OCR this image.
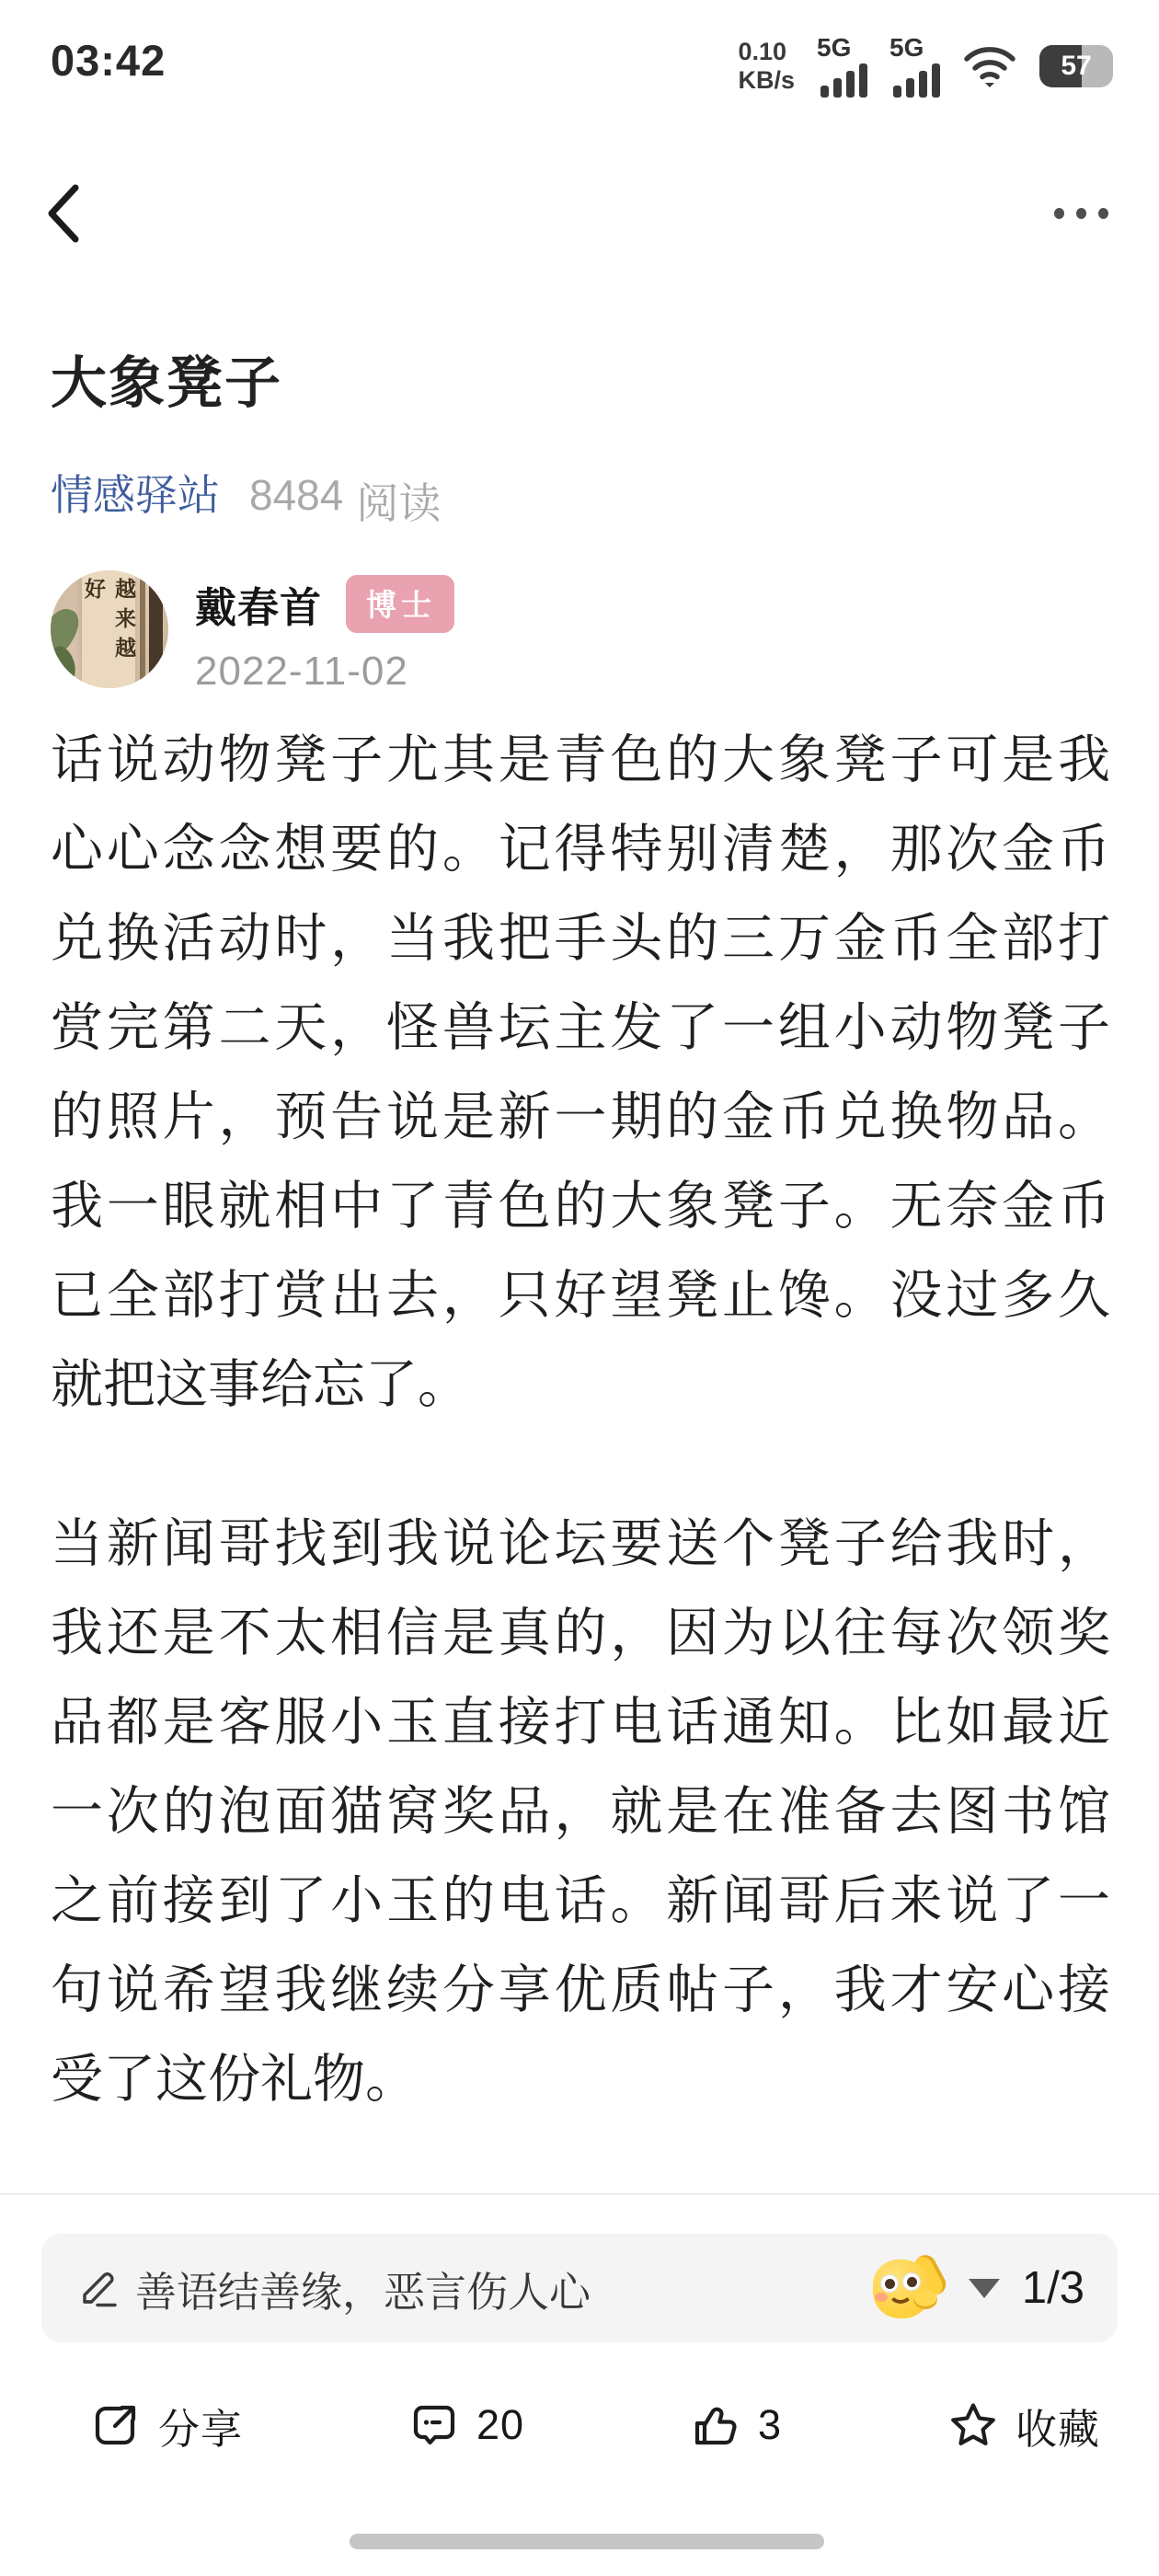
03:42	0.10
KB/s
5G 5G
57
大象凳子
情感驿站 8484 阅读
越来越好	戴春首	博士
2022-11-02
话说动物凳子尤其是青色的大象凳子可是我
心心念念想要的。记得特别清楚，那次金币
兑换活动时，当我把手头的三万金币全部打
赏完第二天，怪兽坛主发了一组小动物凳子
的照片，预告说是新一期的金币兑换物品。
我一眼就相中了青色的大象凳子。无奈金币
已全部打赏出去，只好望凳止馋。没过多久
就把这事给忘了。
当新闻哥找到我说论坛要送个凳子给我时，
我还是不太相信是真的，因为以往每次领奖
品都是客服小玉直接打电话通知。比如最近
一次的泡面猫窝奖品，就是在准备去图书馆
之前接到了小玉的电话。新闻哥后来说了一
句说希望我继续分享优质帖子，我才安心接
受了这份礼物。
善语结善缘，恶言伤人心	1/3
分享	20	3	收藏
